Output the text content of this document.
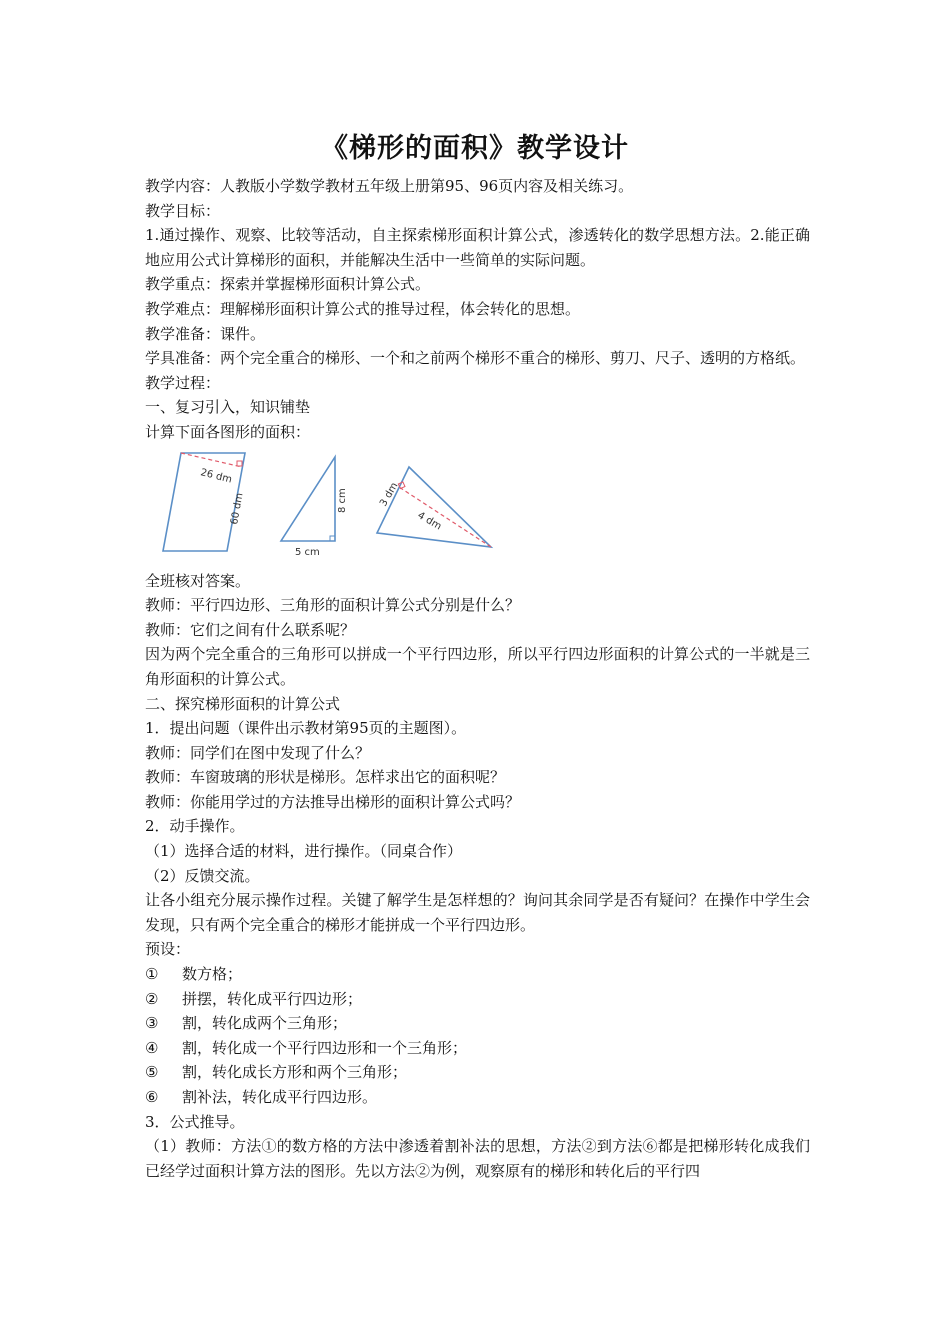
《梯形的面积》教学设计

教学内容：人教版小学数学教材五年级上册第95、96页内容及相关练习。

教学目标：

1.通过操作、观察、比较等活动，自主探索梯形面积计算公式，渗透转化的数学思想方法。2.能正确地应用公式计算梯形的面积，并能解决生活中一些简单的实际问题。

教学重点：探索并掌握梯形面积计算公式。

教学难点：理解梯形面积计算公式的推导过程，体会转化的思想。

教学准备：课件。

学具准备：两个完全重合的梯形、一个和之前两个梯形不重合的梯形、剪刀、尺子、透明的方格纸。

教学过程：

一、复习引入，知识铺垫

计算下面各图形的面积：

26 dm
60 dm	8 cm
5 cm
3 dm
4 dm

全班核对答案。

教师：平行四边形、三角形的面积计算公式分别是什么？

教师：它们之间有什么联系呢？

因为两个完全重合的三角形可以拼成一个平行四边形，所以平行四边形面积的计算公式的一半就是三角形面积的计算公式。

二、探究梯形面积的计算公式

1．提出问题（课件出示教材第95页的主题图）。

教师：同学们在图中发现了什么？

教师：车窗玻璃的形状是梯形。怎样求出它的面积呢？

教师：你能用学过的方法推导出梯形的面积计算公式吗？

2．动手操作。

（1）选择合适的材料，进行操作。（同桌合作）

（2）反馈交流。

让各小组充分展示操作过程。关键了解学生是怎样想的？询问其余同学是否有疑问？在操作中学生会发现，只有两个完全重合的梯形才能拼成一个平行四边形。

预设：

① 数方格；

② 拼摆，转化成平行四边形；

③ 割，转化成两个三角形；

④ 割，转化成一个平行四边形和一个三角形；

⑤ 割，转化成长方形和两个三角形；

⑥ 割补法，转化成平行四边形。

3．公式推导。

（1）教师：方法①的数方格的方法中渗透着割补法的思想，方法②到方法⑥都是把梯形转化成我们已经学过面积计算方法的图形。先以方法②为例，观察原有的梯形和转化后的平行四
